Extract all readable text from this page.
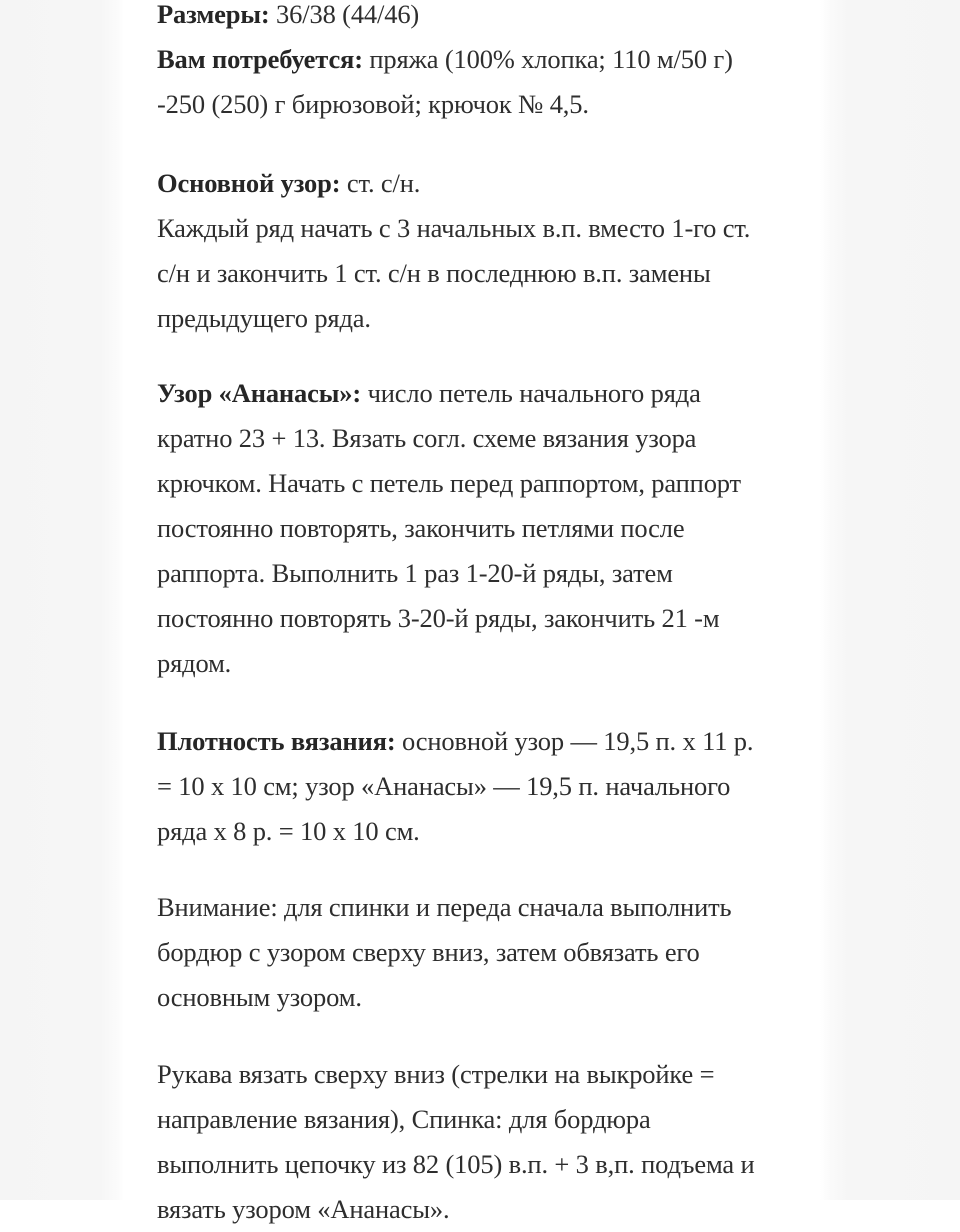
Размеры: 36/38 (44/46)

Вам потребуется: пряжа (100% хлопка; 110 м/50 г)

-250 (250) г бирюзовой; крючок № 4,5.

Основной узор: ст. с/н.

Каждый ряд начать с 3 начальных в.п. вместо 1-го ст.

с/н и закончить 1 ст. с/н в последнюю в.п. замены

предыдущего ряда.

Узор «Ананасы»: число петель начального ряда

кратно 23 + 13. Вязать согл. схеме вязания узора

крючком. Начать с петель перед раппортом, раппорт

постоянно повторять, закончить петлями после

раппорта. Выполнить 1 раз 1-20-й ряды, затем

постоянно повторять 3-20-й ряды, закончить 21 -м

рядом.

Плотность вязания: основной узор — 19,5 п. х 11 р.

= 10 х 10 см; узор «Ананасы» — 19,5 п. начального

ряда х 8 р. = 10 х 10 см.

Внимание: для спинки и переда сначала выполнить

бордюр с узором сверху вниз, затем обвязать его

основным узором.

Рукава вязать сверху вниз (стрелки на выкройке =

направление вязания), Спинка: для бордюра

выполнить цепочку из 82 (105) в.п. + 3 в,п. подъема и

вязать узором «Ананасы».
